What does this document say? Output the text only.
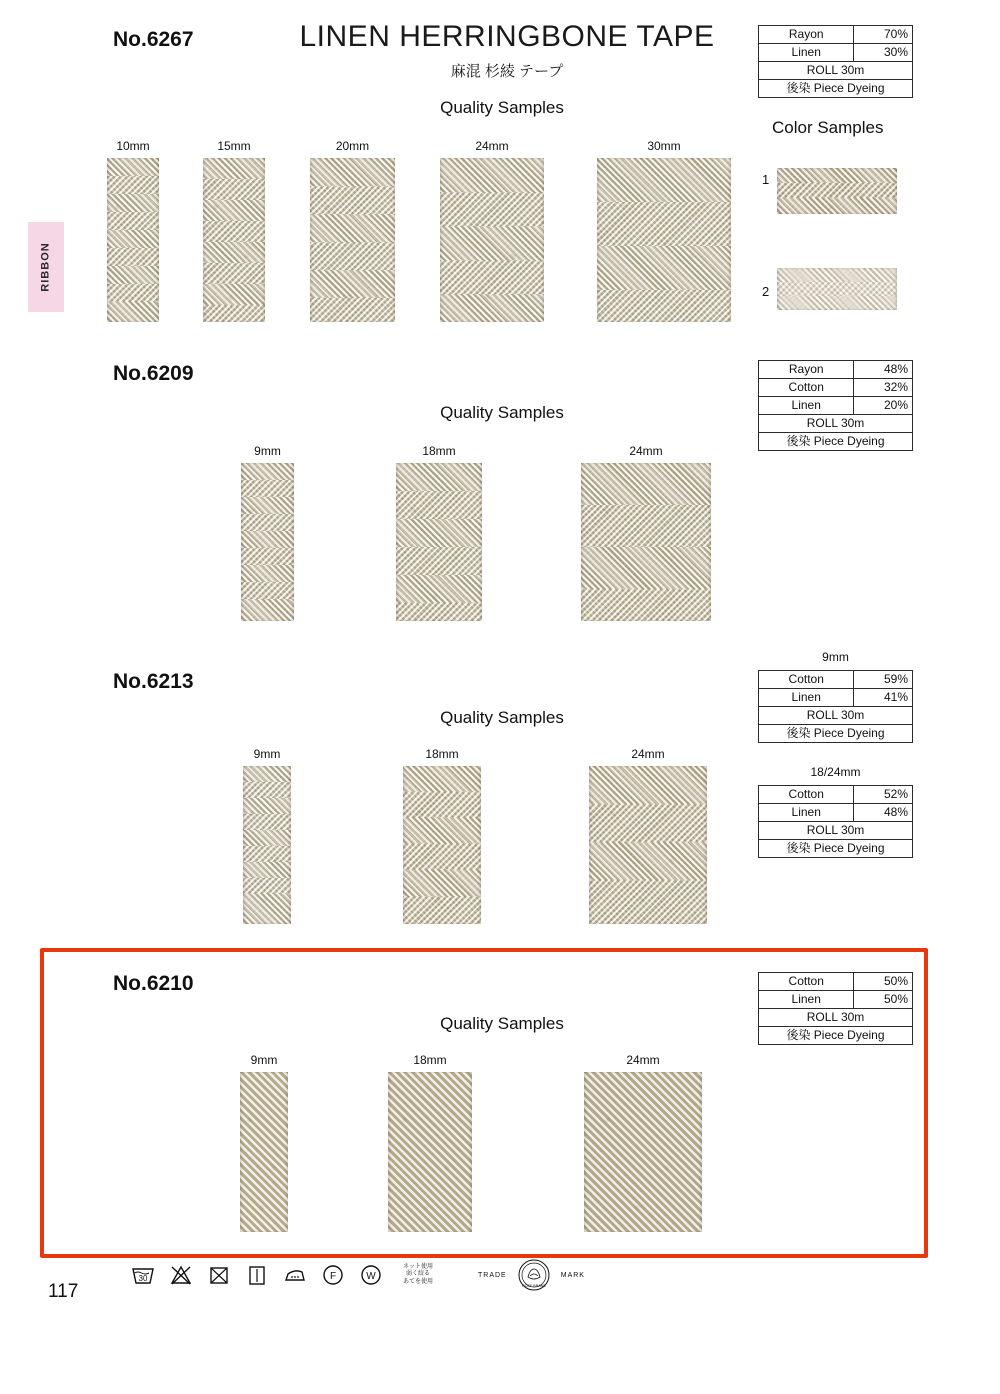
RIBBON
LINEN HERRINGBONE TAPE
麻混 杉綾 テープ
No.6267
Quality Samples
Rayon	70%
Linen	30%
ROLL 30m	
後染 Piece Dyeing	
10mm	15mm	20mm	24mm	30mm
Color Samples
1
2
No.6209
Quality Samples
Rayon	48%
Cotton	32%
Linen	20%
ROLL 30m	
後染 Piece Dyeing	
9mm	18mm	24mm
No.6213
Quality Samples
9mm
Cotton	59%
Linen	41%
ROLL 30m	
後染 Piece Dyeing	
18/24mm
Cotton	52%
Linen	48%
ROLL 30m	
後染 Piece Dyeing	
9mm	18mm	24mm
No.6210
Quality Samples
Cotton	50%
Linen	50%
ROLL 30m	
後染 Piece Dyeing	
9mm	18mm	24mm
30	F	W
ネット使用
弱く絞る
あてを使用
TRADE
ROSE BRAND
MARK
117
